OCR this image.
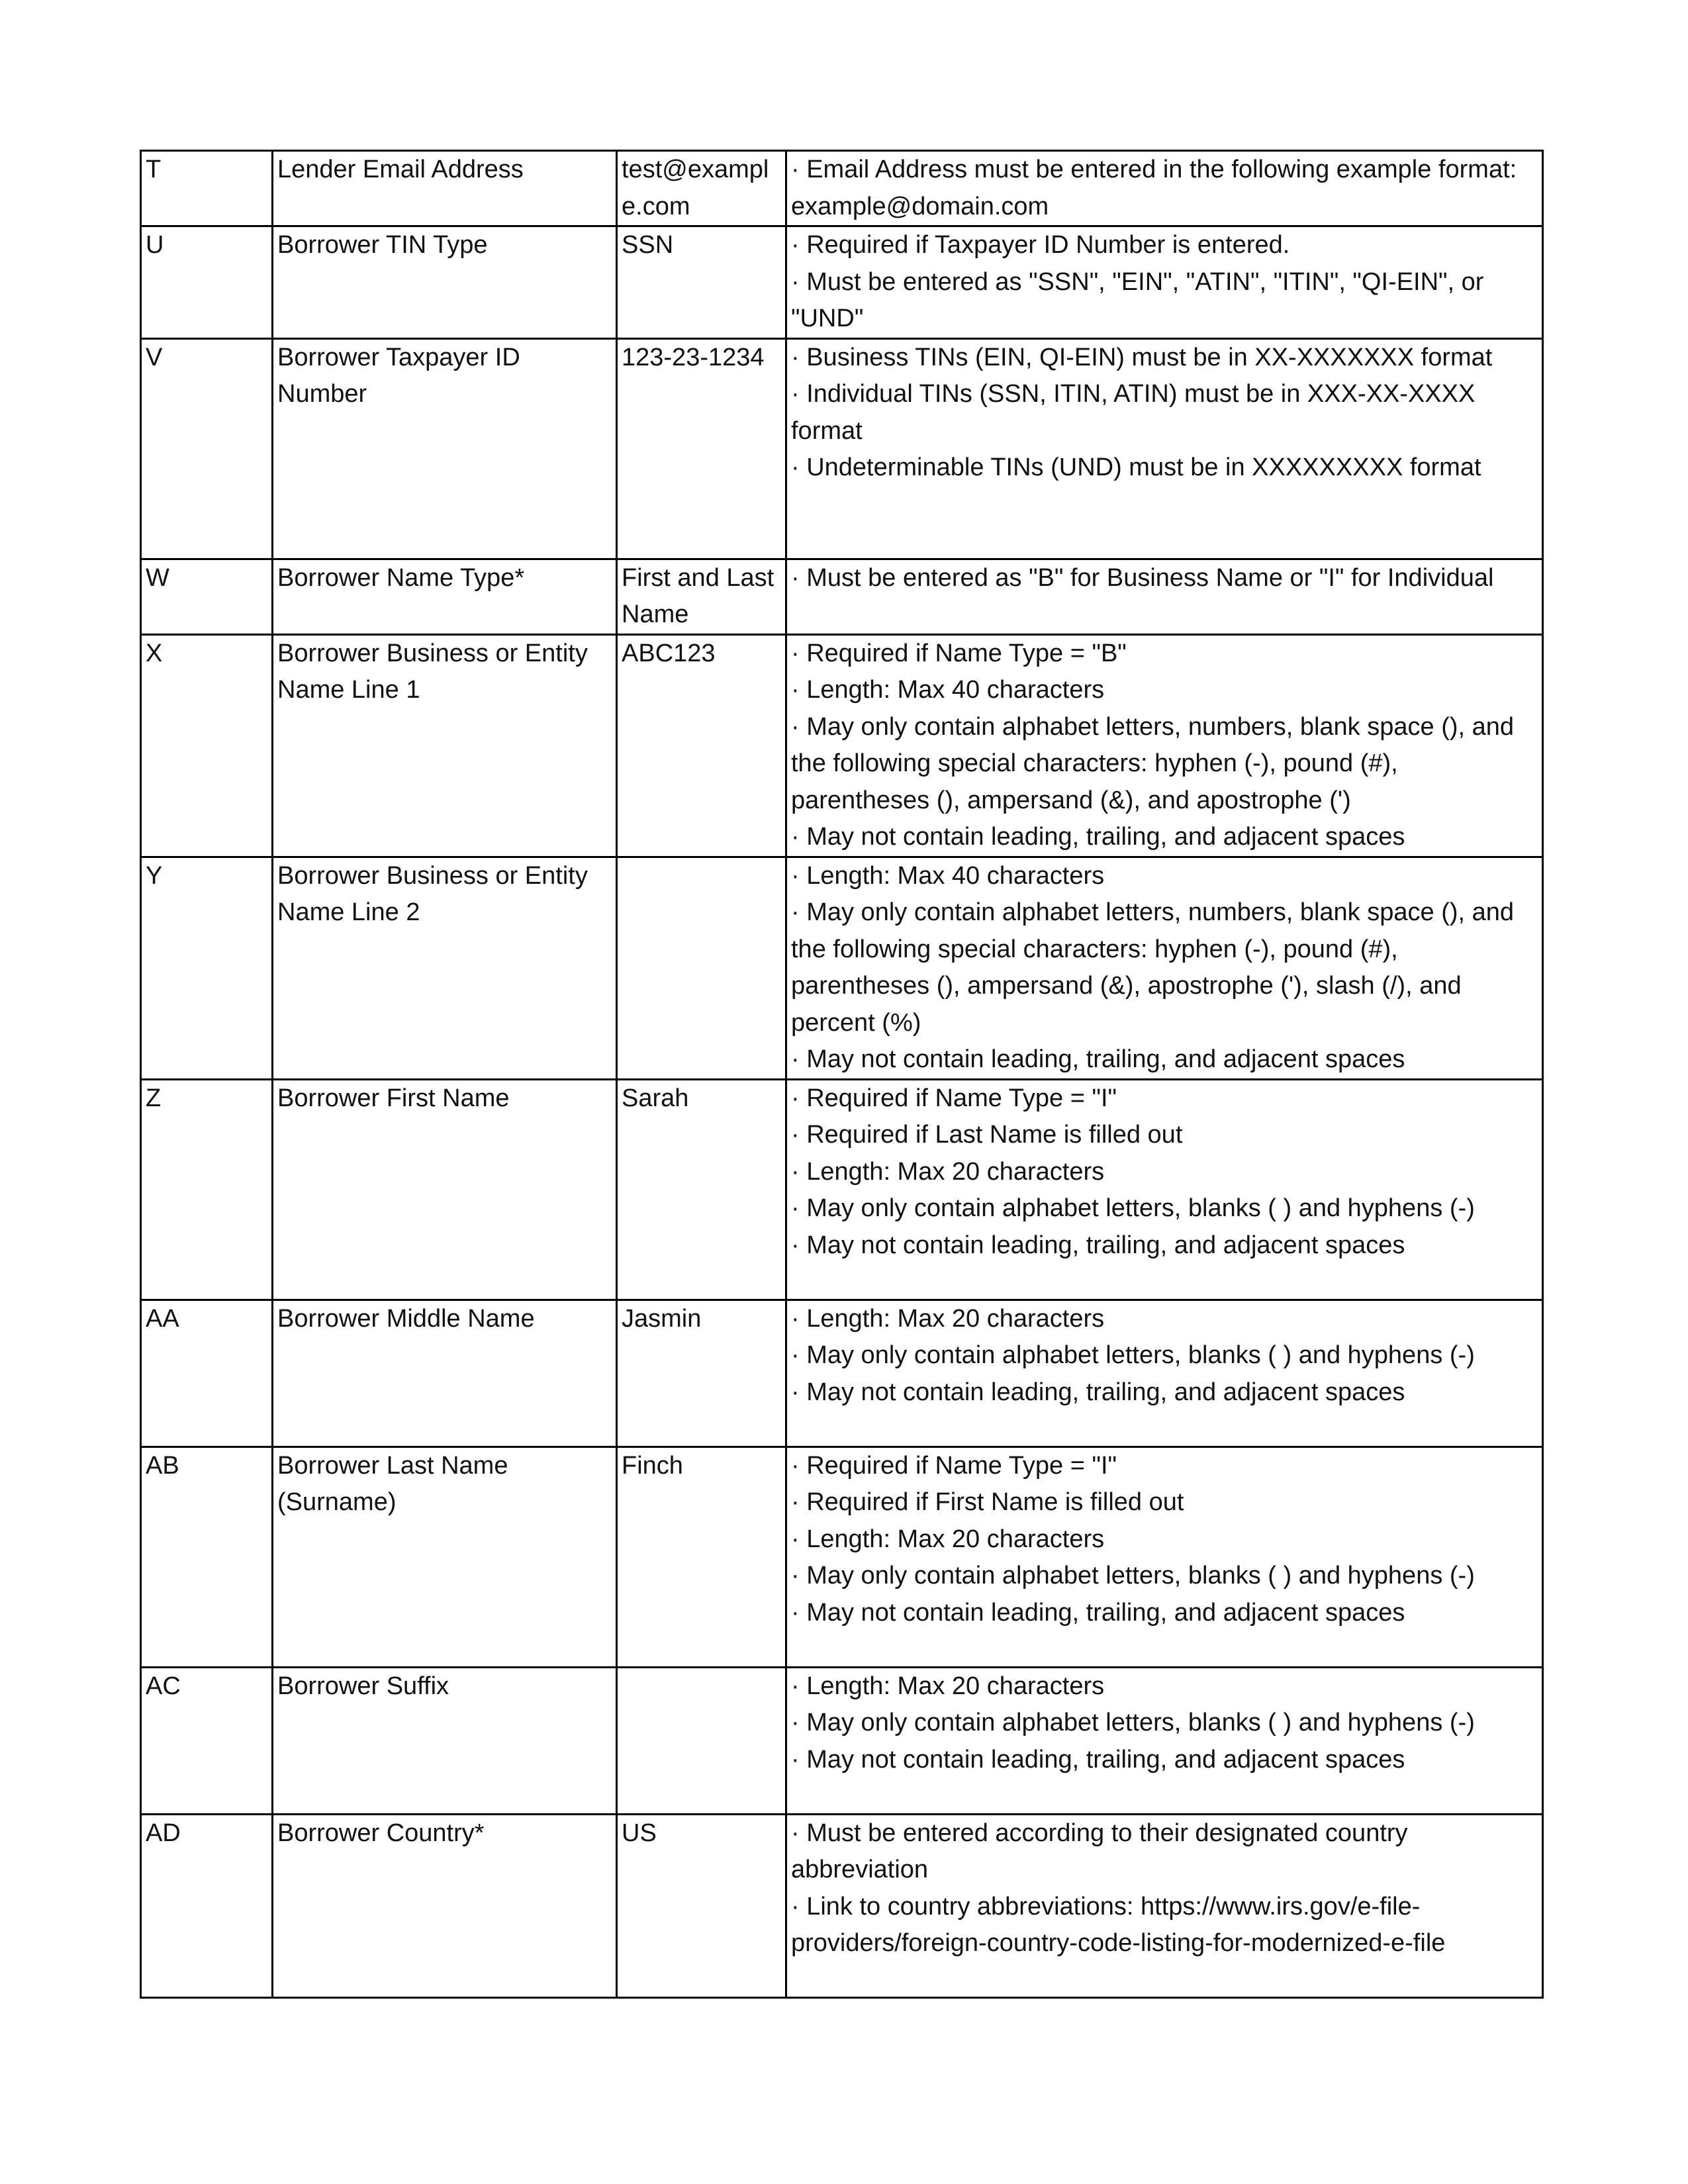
T	Lender Email Address	test@example.com	· Email Address must be entered in the following example format: example@domain.com

U	Borrower TIN Type	SSN	· Required if Taxpayer ID Number is entered.
· Must be entered as "SSN", "EIN", "ATIN", "ITIN", "QI-EIN", or "UND"

V	Borrower Taxpayer ID Number	123-23-1234	· Business TINs (EIN, QI-EIN) must be in XX-XXXXXXX format
· Individual TINs (SSN, ITIN, ATIN) must be in XXX-XX-XXXX format
· Undeterminable TINs (UND) must be in XXXXXXXXX format

W	Borrower Name Type*	First and Last Name	· Must be entered as "B" for Business Name or "I" for Individual

X	Borrower Business or Entity Name Line 1	ABC123	· Required if Name Type = "B"
· Length: Max 40 characters
· May only contain alphabet letters, numbers, blank space (), and the following special characters: hyphen (-), pound (#), parentheses (), ampersand (&), and apostrophe (')
· May not contain leading, trailing, and adjacent spaces

Y	Borrower Business or Entity Name Line 2		· Length: Max 40 characters
· May only contain alphabet letters, numbers, blank space (), and the following special characters: hyphen (-), pound (#), parentheses (), ampersand (&), apostrophe ('), slash (/), and percent (%)
· May not contain leading, trailing, and adjacent spaces

Z	Borrower First Name	Sarah	· Required if Name Type = "I"
· Required if Last Name is filled out
· Length: Max 20 characters
· May only contain alphabet letters, blanks ( ) and hyphens (-)
· May not contain leading, trailing, and adjacent spaces

AA	Borrower Middle Name	Jasmin	· Length: Max 20 characters
· May only contain alphabet letters, blanks ( ) and hyphens (-)
· May not contain leading, trailing, and adjacent spaces

AB	Borrower Last Name (Surname)	Finch	· Required if Name Type = "I"
· Required if First Name is filled out
· Length: Max 20 characters
· May only contain alphabet letters, blanks ( ) and hyphens (-)
· May not contain leading, trailing, and adjacent spaces

AC	Borrower Suffix		· Length: Max 20 characters
· May only contain alphabet letters, blanks ( ) and hyphens (-)
· May not contain leading, trailing, and adjacent spaces

AD	Borrower Country*	US	· Must be entered according to their designated country abbreviation
· Link to country abbreviations: https://www.irs.gov/e-file-providers/foreign-country-code-listing-for-modernized-e-file
